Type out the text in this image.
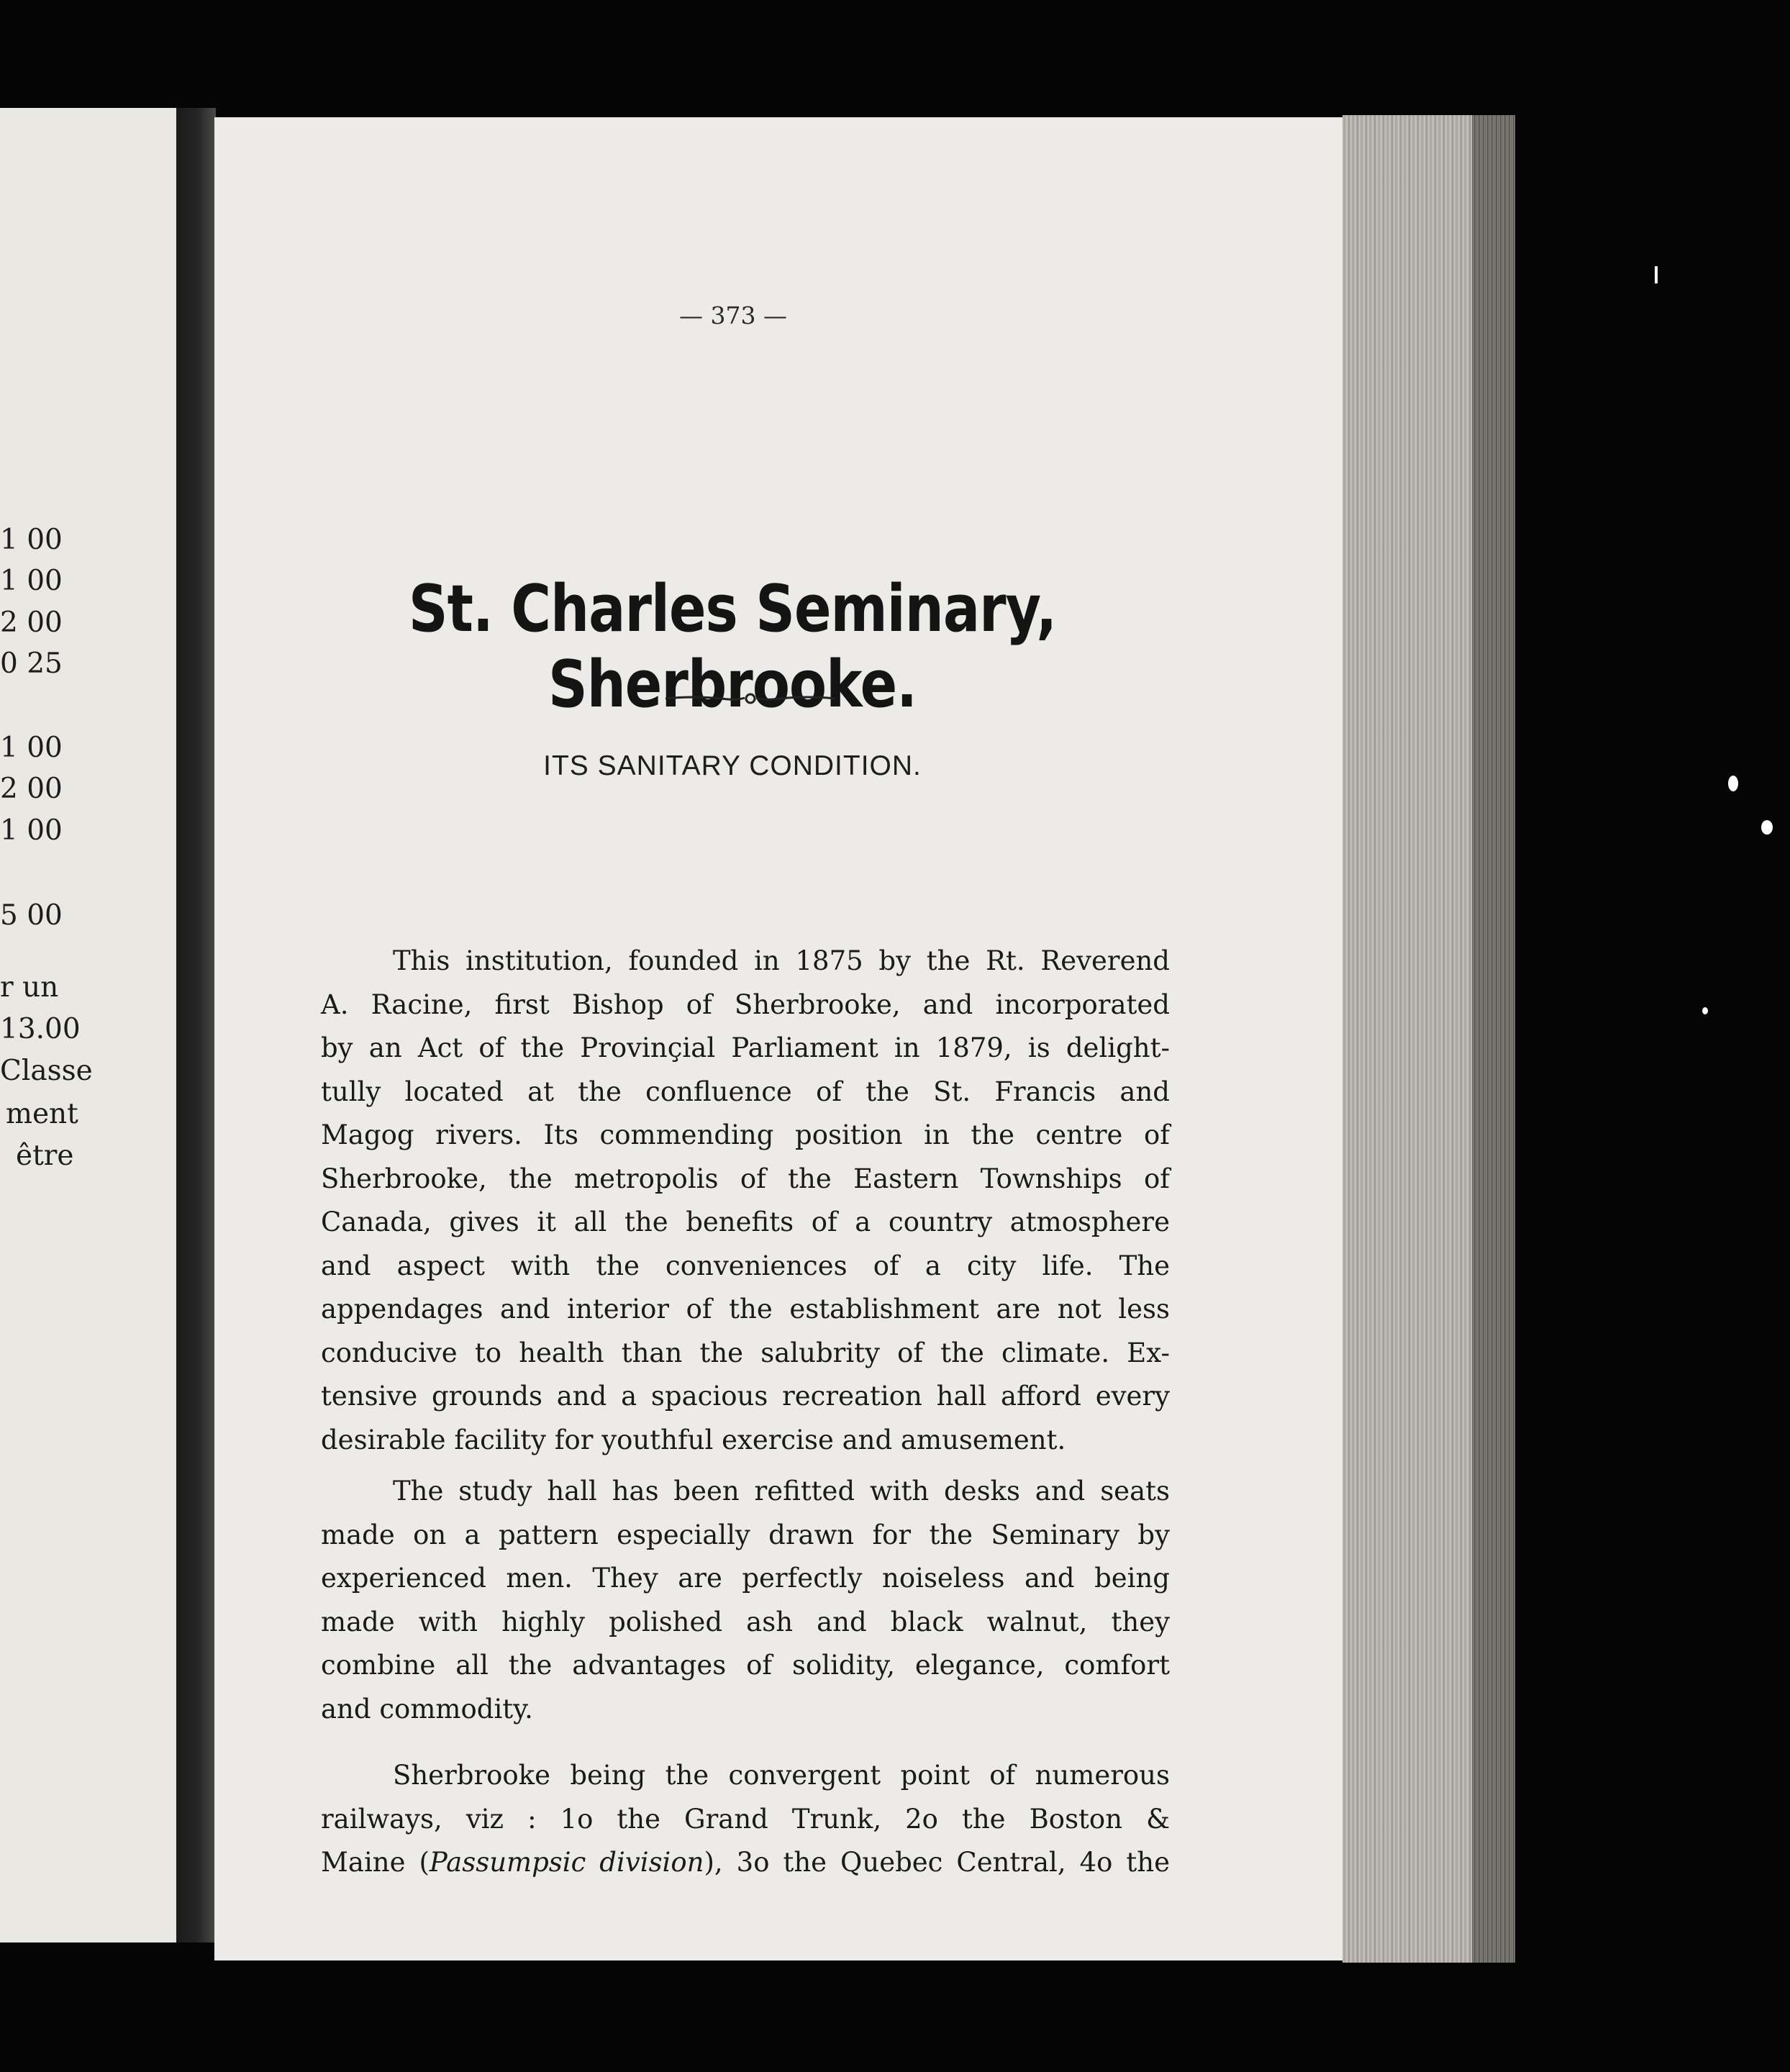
1 00
1 00
2 00
0 25
1 00
2 00
1 00
5 00
r un
13.00
Classe
ment
être
— 373 —
St. Charles Seminary, Sherbrooke.
ITS SANITARY CONDITION.
This institution, founded in 1875 by the Rt. Reverend
A. Racine, first Bishop of Sherbrooke, and incorporated
by an Act of the Provinçial Parliament in 1879, is delight-
tully located at the confluence of the St. Francis and
Magog rivers. Its commending position in the centre of
Sherbrooke, the metropolis of the Eastern Townships of
Canada, gives it all the benefits of a country atmosphere
and aspect with the conveniences of a city life. The
appendages and interior of the establishment are not less
conducive to health than the salubrity of the climate. Ex-
tensive grounds and a spacious recreation hall afford every
desirable facility for youthful exercise and amusement.
The study hall has been refitted with desks and seats
made on a pattern especially drawn for the Seminary by
experienced men. They are perfectly noiseless and being
made with highly polished ash and black walnut, they
combine all the advantages of solidity, elegance, comfort
and commodity.
Sherbrooke being the convergent point of numerous
railways, viz : 1o the Grand Trunk, 2o the Boston &
Maine (Passumpsic division), 3o the Quebec Central, 4o the
